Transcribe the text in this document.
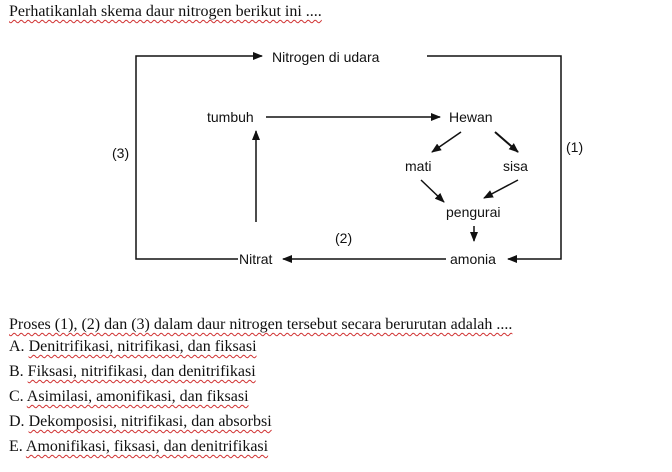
Perhatikanlah skema daur nitrogen berikut ini ....
Nitrogen di udara
tumbuh	Hewan
mati	sisa
pengurai
Nitrat	amonia
(1)
(2)
(3)
Proses (1), (2) dan (3) dalam daur nitrogen tersebut secara berurutan adalah ....
A. Denitrifikasi, nitrifikasi, dan fiksasi
B. Fiksasi, nitrifikasi, dan denitrifikasi
C. Asimilasi, amonifikasi, dan fiksasi
D. Dekomposisi, nitrifikasi, dan absorbsi
E. Amonifikasi, fiksasi, dan denitrifikasi
